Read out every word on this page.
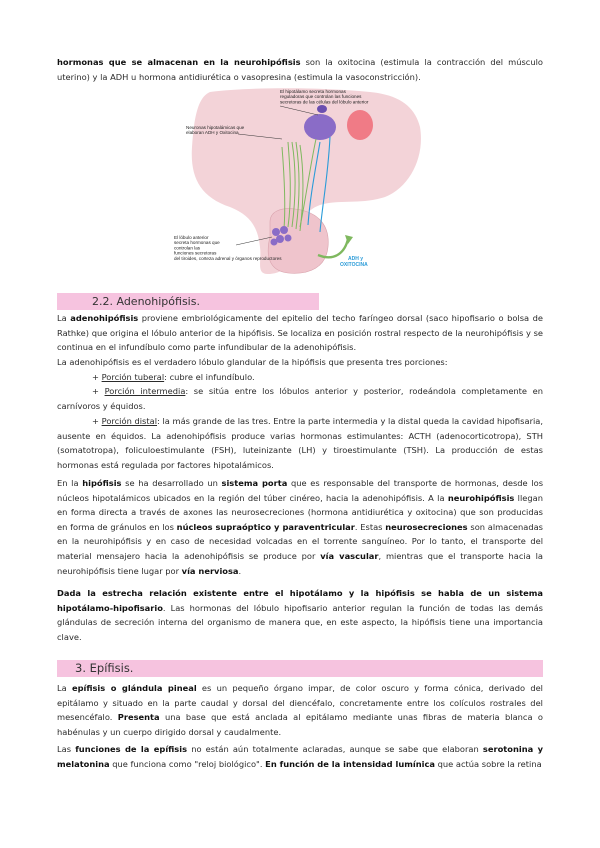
hormonas que se almacenan en la neurohipófisis son la oxitocina (estimula la contracción del músculo uterino) y la ADH u hormona antidiurética o vasopresina (estimula la vasoconstricción).

El hipotálamo secreta hormonas reguladoras que controlan las funciones secretoras de las células del lóbulo anterior
Neuronas hipotalámicas que elaboran ADH y Oxitocina
El lóbulo anterior secreta hormonas que controlan las funciones secretoras del tiroides, corteza adrenal y órganos reproductores	ADH y OXITOCINA
2.2. Adenohipófisis.

La adenohipófisis proviene embriológicamente del epitelio del techo faríngeo dorsal (saco hipofisario o bolsa de Rathke) que origina el lóbulo anterior de la hipófisis. Se localiza en posición rostral respecto de la neurohipófisis y se continua en el infundíbulo como parte infundibular de la adenohipófisis.

La adenohipófisis es el verdadero lóbulo glandular de la hipófisis que presenta tres porciones:

+ Porción tuberal: cubre el infundíbulo.

+ Porción intermedia: se sitúa entre los lóbulos anterior y posterior, rodeándola completamente en carnívoros y équidos.

+ Porción distal: la más grande de las tres. Entre la parte intermedia y la distal queda la cavidad hipofisaria, ausente en équidos. La adenohipófisis produce varias hormonas estimulantes: ACTH (adenocorticotropa), STH (somatotropa), foliculoestimulante (FSH), luteinizante (LH) y tiroestimulante (TSH). La producción de estas hormonas está regulada por factores hipotalámicos.

En la hipófisis se ha desarrollado un sistema porta que es responsable del transporte de hormonas, desde los núcleos hipotalámicos ubicados en la región del túber cinéreo, hacia la adenohipófisis. A la neurohipófisis llegan en forma directa a través de axones las neurosecreciones (hormona antidiurética y oxitocina) que son producidas en forma de gránulos en los núcleos supraóptico y paraventricular. Estas neurosecreciones son almacenadas en la neurohipófisis y en caso de necesidad volcadas en el torrente sanguíneo. Por lo tanto, el transporte del material mensajero hacia la adenohipófisis se produce por vía vascular, mientras que el transporte hacia la neurohipófisis tiene lugar por vía nerviosa.

Dada la estrecha relación existente entre el hipotálamo y la hipófisis se habla de un sistema hipotálamo-hipofisario. Las hormonas del lóbulo hipofisario anterior regulan la función de todas las demás glándulas de secreción interna del organismo de manera que, en este aspecto, la hipófisis tiene una importancia clave.

3. Epífisis.

La epífisis o glándula pineal es un pequeño órgano impar, de color oscuro y forma cónica, derivado del epitálamo y situado en la parte caudal y dorsal del diencéfalo, concretamente entre los colículos rostrales del mesencéfalo. Presenta una base que está anclada al epitálamo mediante unas fibras de materia blanca o habénulas y un cuerpo dirigido dorsal y caudalmente.

Las funciones de la epífisis no están aún totalmente aclaradas, aunque se sabe que elaboran serotonina y melatonina que funciona como "reloj biológico". En función de la intensidad lumínica que actúa sobre la retina
